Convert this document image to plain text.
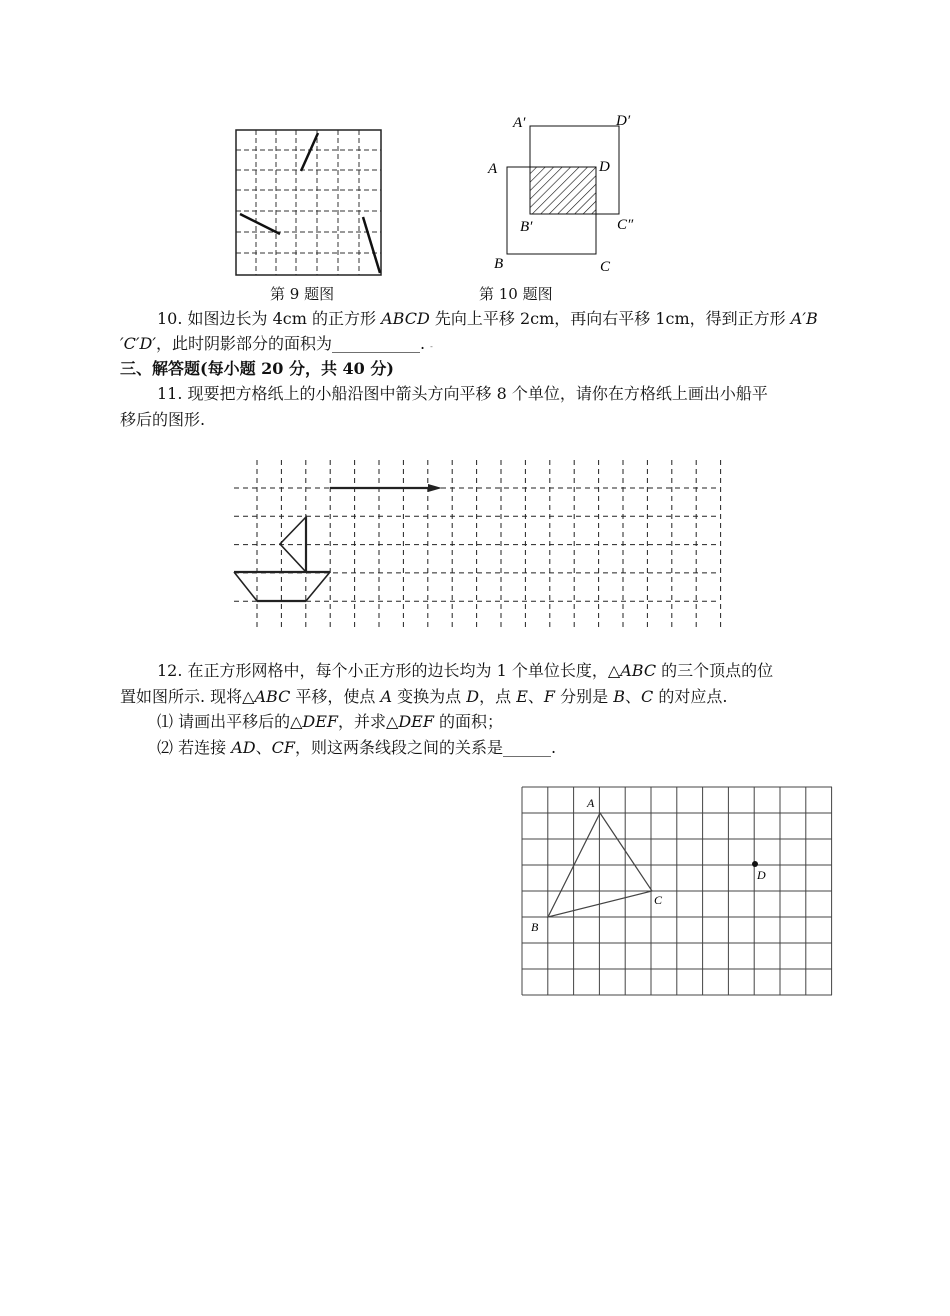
第 9 题图
A′	D′
A	D
B′	C″
B	C
第 10 题图
10. 如图边长为 4cm 的正方形 ABCD 先向上平移 2cm，再向右平移 1cm，得到正方形 A′B
′C′D′，此时阴影部分的面积为___________. -
三、解答题(每小题 20 分，共 40 分)
11. 现要把方格纸上的小船沿图中箭头方向平移 8 个单位，请你在方格纸上画出小船平
移后的图形.
12. 在正方形网格中，每个小正方形的边长均为 1 个单位长度，△ABC 的三个顶点的位
置如图所示. 现将△ABC 平移，使点 A 变换为点 D，点 E、F 分别是 B、C 的对应点.
⑴ 请画出平移后的△DEF，并求△DEF 的面积；
⑵ 若连接 AD、CF，则这两条线段之间的关系是______.
A
B
C
D
